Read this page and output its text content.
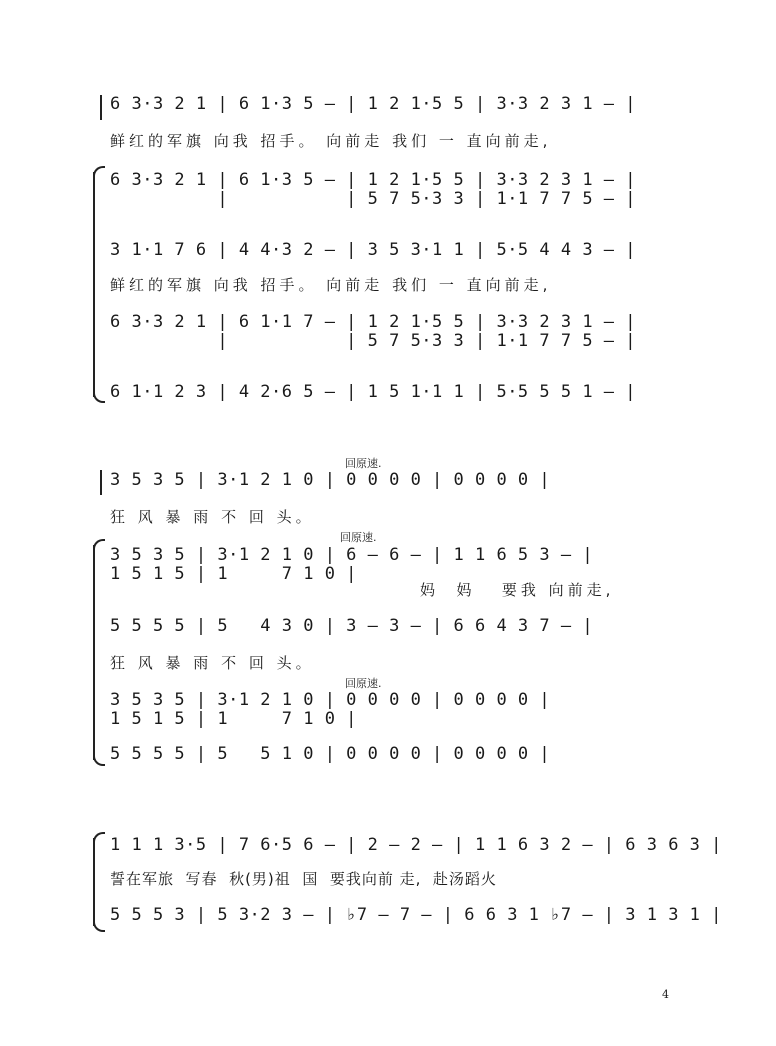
6 3·3 2 1 | 6 1·3 5 – | 1 2 1·5 5 | 3·3 2 3 1 – |
鲜红的军旗 向我 招手。 向前走 我们 一 直向前走,
6 3·3 2 1 | 6 1·3 5 – | 1 2 1·5 5 | 3·3 2 3 1 – |
|           | 5 7 5·3 3 | 1·1 7 7 5 – |
3 1·1 7 6 | 4 4·3 2 – | 3 5 3·1 1 | 5·5 4 4 3 – |
鲜红的军旗 向我 招手。 向前走 我们 一 直向前走,
6 3·3 2 1 | 6 1·1 7 – | 1 2 1·5 5 | 3·3 2 3 1 – |
|           | 5 7 5·3 3 | 1·1 7 7 5 – |
6 1·1 2 3 | 4 2·6 5 – | 1 5 1·1 1 | 5·5 5 5 1 – |
回原速.
3 5 3 5 | 3·1 2 1 0 | 0 0 0 0 | 0 0 0 0 |
狂 风 暴 雨 不 回 头。
回原速.
3 5 3 5 | 3·1 2 1 0 | 6 – 6 – | 1 1 6 5 3 – |
1 5 1 5 | 1     7 1 0 |
妈  妈   要我 向前走,
5 5 5 5 | 5   4 3 0 | 3 – 3 – | 6 6 4 3 7 – |
狂 风 暴 雨 不 回 头。
回原速.
3 5 3 5 | 3·1 2 1 0 | 0 0 0 0 | 0 0 0 0 |
1 5 1 5 | 1     7 1 0 |
5 5 5 5 | 5   5 1 0 | 0 0 0 0 | 0 0 0 0 |
1 1 1 3·5 | 7 6·5 6 – | 2 – 2 – | 1 1 6 3 2 – | 6 3 6 3 |
誓在军旅  写春  秋(男)祖  国  要我向前 走,  赴汤蹈火
5 5 5 3 | 5 3·2 3 – | ♭7 – 7 – | 6 6 3 1 ♭7 – | 3 1 3 1 |
4
